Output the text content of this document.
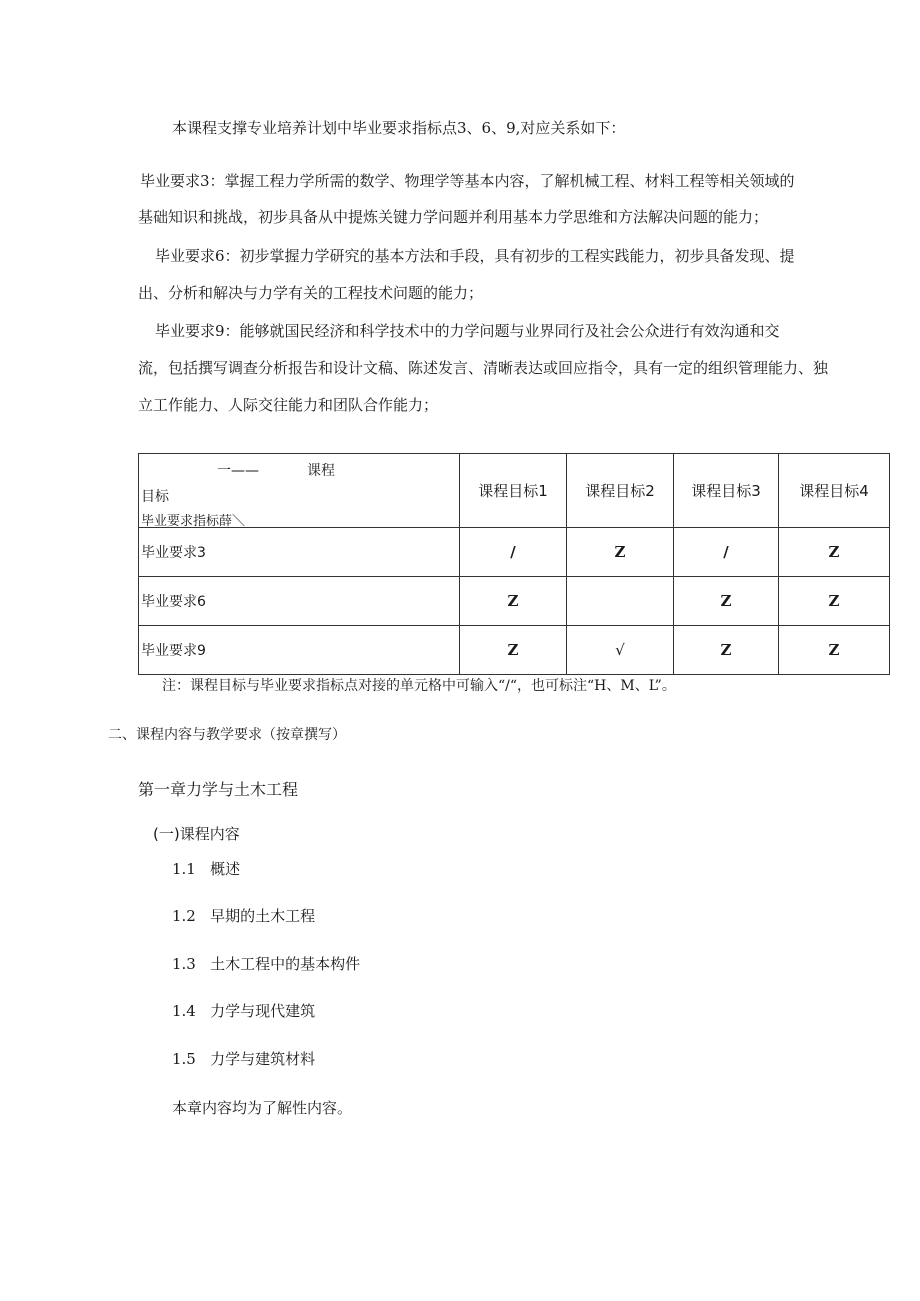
本课程支撑专业培养计划中毕业要求指标点3、6、9,对应关系如下：
毕业要求3：掌握工程力学所需的数学、物理学等基本内容，了解机械工程、材料工程等相关领域的
基础知识和挑战，初步具备从中提炼关键力学问题并利用基本力学思维和方法解决问题的能力；
毕业要求6：初步掌握力学研究的基本方法和手段，具有初步的工程实践能力，初步具备发现、提
出、分析和解决与力学有关的工程技术问题的能力；
毕业要求9：能够就国民经济和科学技术中的力学问题与业界同行及社会公众进行有效沟通和交
流，包括撰写调查分析报告和设计文稿、陈述发言、清晰表达或回应指令，具有一定的组织管理能力、独
立工作能力、人际交往能力和团队合作能力；
一—— 课程
目标
毕业要求指标薛＼	课程目标1	课程目标2	课程目标3	课程目标4
毕业要求3	/	Z	/	Z
毕业要求6	Z		Z	Z
毕业要求9	Z	√	Z	Z
注：课程目标与毕业要求指标点对接的单元格中可输入“/“，也可标注“H、M、L”。
二、课程内容与教学要求（按章撰写）
第一章力学与土木工程
(一)课程内容
1.1 概述
1.2 早期的土木工程
1.3 土木工程中的基本构件
1.4 力学与现代建筑
1.5 力学与建筑材料
本章内容均为了解性内容。
